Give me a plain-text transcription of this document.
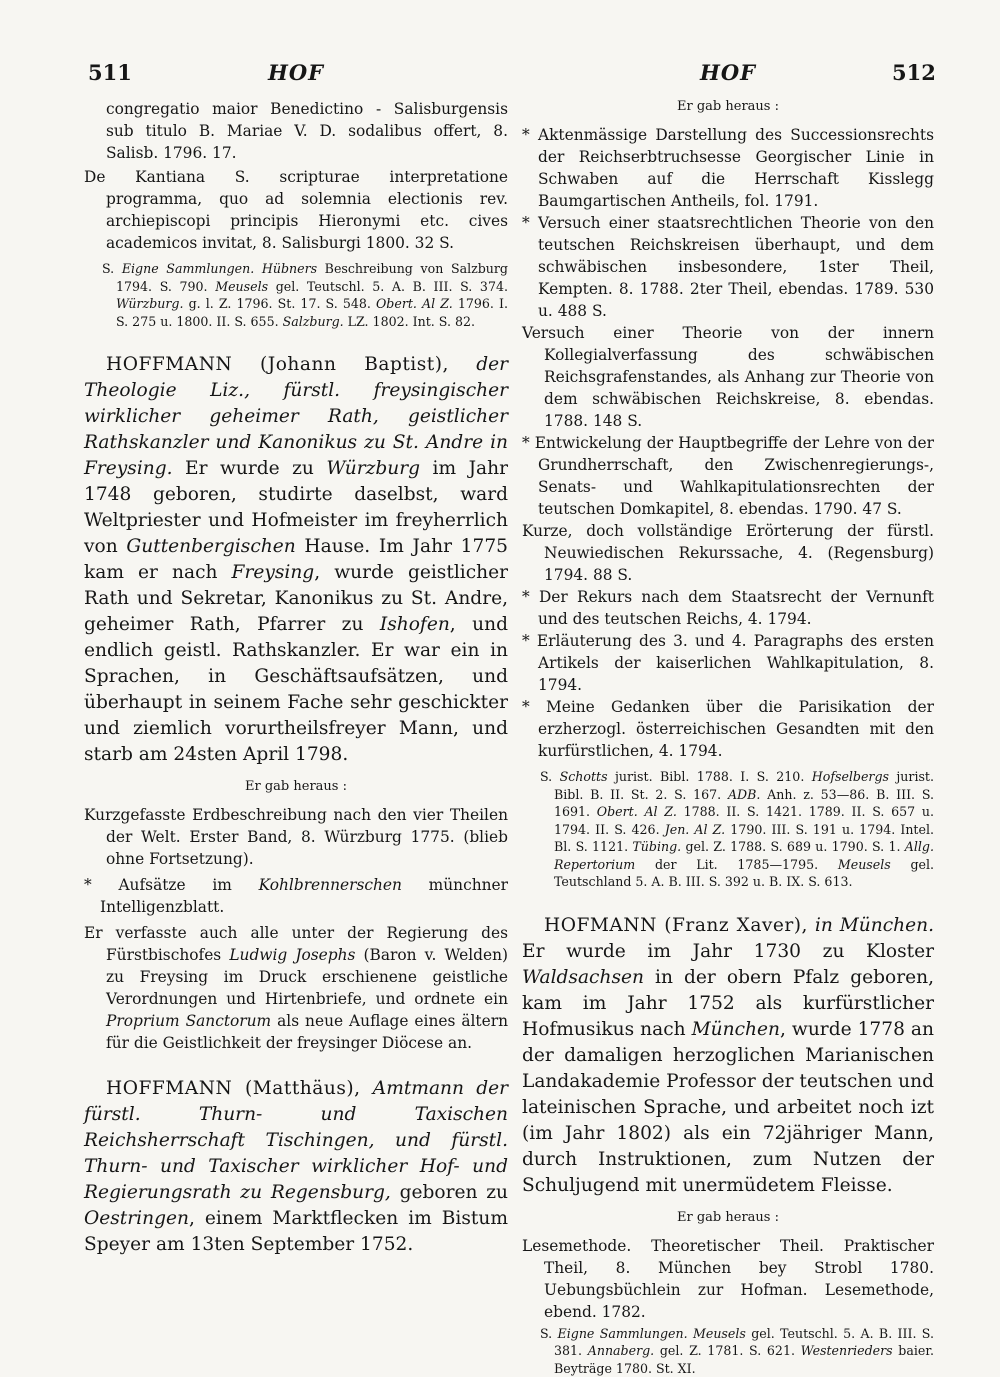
511	HOF	HOF	512

congregatio maior Benedictino - Salisburgensis sub titulo B. Mariae V. D. sodalibus offert, 8. Salisb. 1796. 17.

De Kantiana S. scripturae interpretatione programma, quo ad solemnia electionis rev. archiepiscopi principis Hieronymi etc. cives academicos invitat, 8. Salisburgi 1800. 32 S.

S. Eigne Sammlungen. Hübners Beschreibung von Salzburg 1794. S. 790. Meusels gel. Teutschl. 5. A. B. III. S. 374. Würzburg. g. l. Z. 1796. St. 17. S. 548. Obert. Al Z. 1796. I. S. 275 u. 1800. II. S. 655. Salzburg. LZ. 1802. Int. S. 82.

HOFFMANN (Johann Baptist), der Theologie Liz., fürstl. freysingischer wirklicher geheimer Rath, geistlicher Rathskanzler und Kanonikus zu St. Andre in Freysing. Er wurde zu Würzburg im Jahr 1748 geboren, studirte daselbst, ward Weltpriester und Hofmeister im freyherrlich von Guttenbergischen Hause. Im Jahr 1775 kam er nach Freysing, wurde geistlicher Rath und Sekretar, Kanonikus zu St. Andre, geheimer Rath, Pfarrer zu Ishofen, und endlich geistl. Rathskanzler. Er war ein in Sprachen, in Geschäftsaufsätzen, und überhaupt in seinem Fache sehr geschickter und ziemlich vorurtheilsfreyer Mann, und starb am 24sten April 1798.

Er gab heraus :

Kurzgefasste Erdbeschreibung nach den vier Theilen der Welt. Erster Band, 8. Würzburg 1775. (blieb ohne Fortsetzung).

* Aufsätze im Kohlbrennerschen münchner Intelligenzblatt.

Er verfasste auch alle unter der Regierung des Fürstbischofes Ludwig Josephs (Baron v. Welden) zu Freysing im Druck erschienene geistliche Verordnungen und Hirtenbriefe, und ordnete ein Proprium Sanctorum als neue Auflage eines ältern für die Geistlichkeit der freysinger Diöcese an.

HOFFMANN (Matthäus), Amtmann der fürstl. Thurn- und Taxischen Reichsherrschaft Tischingen, und fürstl. Thurn- und Taxischer wirklicher Hof- und Regierungsrath zu Regensburg, geboren zu Oestringen, einem Marktflecken im Bistum Speyer am 13ten September 1752.

Er gab heraus :

* Aktenmässige Darstellung des Successionsrechts der Reichserbtruchsesse Georgischer Linie in Schwaben auf die Herrschaft Kisslegg Baumgartischen Antheils, fol. 1791.

* Versuch einer staatsrechtlichen Theorie von den teutschen Reichskreisen überhaupt, und dem schwäbischen insbesondere, 1ster Theil, Kempten. 8. 1788. 2ter Theil, ebendas. 1789. 530 u. 488 S.

Versuch einer Theorie von der innern Kollegialverfassung des schwäbischen Reichsgrafenstandes, als Anhang zur Theorie von dem schwäbischen Reichskreise, 8. ebendas. 1788. 148 S.

* Entwickelung der Hauptbegriffe der Lehre von der Grundherrschaft, den Zwischenregierungs-, Senats- und Wahlkapitulationsrechten der teutschen Domkapitel, 8. ebendas. 1790. 47 S.

Kurze, doch vollständige Erörterung der fürstl. Neuwiedischen Rekurssache, 4. (Regensburg) 1794. 88 S.

* Der Rekurs nach dem Staatsrecht der Vernunft und des teutschen Reichs, 4. 1794.

* Erläuterung des 3. und 4. Paragraphs des ersten Artikels der kaiserlichen Wahlkapitulation, 8. 1794.

* Meine Gedanken über die Parisikation der erzherzogl. österreichischen Gesandten mit den kurfürstlichen, 4. 1794.

S. Schotts jurist. Bibl. 1788. I. S. 210. Hofselbergs jurist. Bibl. B. II. St. 2. S. 167. ADB. Anh. z. 53—86. B. III. S. 1691. Obert. Al Z. 1788. II. S. 1421. 1789. II. S. 657 u. 1794. II. S. 426. Jen. Al Z. 1790. III. S. 191 u. 1794. Intel. Bl. S. 1121. Tübing. gel. Z. 1788. S. 689 u. 1790. S. 1. Allg. Repertorium der Lit. 1785—1795. Meusels gel. Teutschland 5. A. B. III. S. 392 u. B. IX. S. 613.

HOFMANN (Franz Xaver), in München. Er wurde im Jahr 1730 zu Kloster Waldsachsen in der obern Pfalz geboren, kam im Jahr 1752 als kurfürstlicher Hofmusikus nach München, wurde 1778 an der damaligen herzoglichen Marianischen Landakademie Professor der teutschen und lateinischen Sprache, und arbeitet noch izt (im Jahr 1802) als ein 72jähriger Mann, durch Instruktionen, zum Nutzen der Schuljugend mit unermüdetem Fleisse.

Er gab heraus :

Lesemethode. Theoretischer Theil. Praktischer Theil, 8. München bey Strobl 1780. Uebungsbüchlein zur Hofman. Lesemethode, ebend. 1782.

S. Eigne Sammlungen. Meusels gel. Teutschl. 5. A. B. III. S. 381. Annaberg. gel. Z. 1781. S. 621. Westenrieders baier. Beyträge 1780. St. XI.
